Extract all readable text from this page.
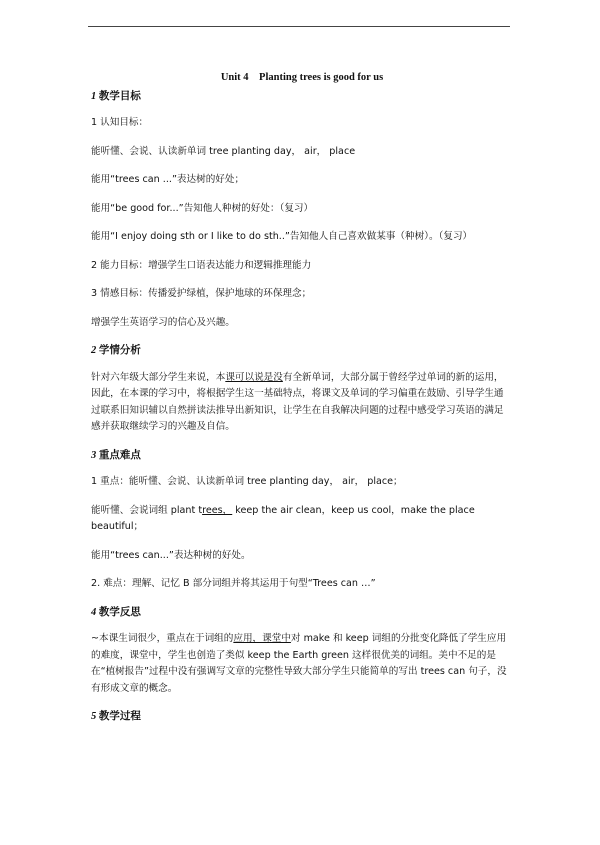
Unit 4    Planting trees is good for us
1 教学目标

1 认知目标：

能听懂、会说、认读新单词 tree planting day， air， place

能用“trees can ...”表达树的好处；

能用“be good for...”告知他人种树的好处：（复习）

能用“I enjoy doing sth or I like to do sth..”告知他人自己喜欢做某事（种树）。（复习）

2 能力目标：增强学生口语表达能力和逻辑推理能力

3 情感目标：传播爱护绿植，保护地球的环保理念；

增强学生英语学习的信心及兴趣。

2 学情分析

针对六年级大部分学生来说，本课可以说是没有全新单词，大部分属于曾经学过单词的新的运用，因此，在本课的学习中，将根据学生这一基础特点，将课文及单词的学习偏重在鼓励、引导学生通过联系旧知识辅以自然拼读法推导出新知识，让学生在自我解决问题的过程中感受学习英语的满足感并获取继续学习的兴趣及自信。

3 重点难点

1 重点：能听懂、会说、认读新单词 tree planting day， air， place；

能听懂、会说词组 plant trees， keep the air clean，keep us cool，make the place beautiful；

能用“trees can...”表达种树的好处。

2. 难点：理解、记忆 B 部分词组并将其运用于句型“Trees can …”

4 教学反思

~本课生词很少，重点在于词组的应用，课堂中对 make 和 keep 词组的分批变化降低了学生应用的难度，课堂中，学生也创造了类似 keep the Earth green 这样很优美的词组。美中不足的是在“植树报告”过程中没有强调写文章的完整性导致大部分学生只能简单的写出 trees can 句子，没有形成文章的概念。

5 教学过程
